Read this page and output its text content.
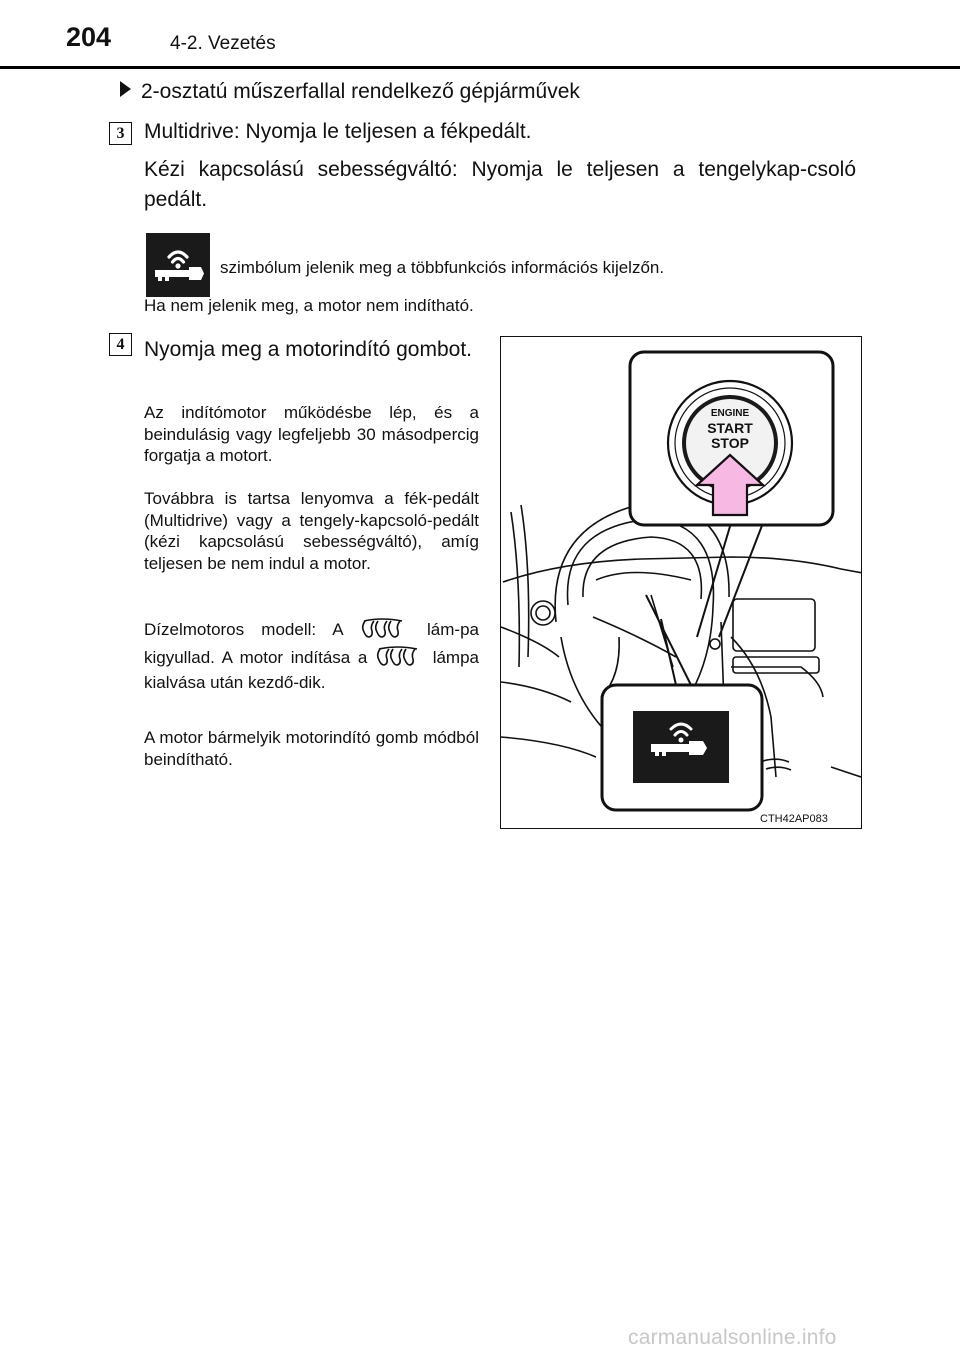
204	4-2. Vezetés
2-osztatú műszerfallal rendelkező gépjárművek
3 Multidrive: Nyomja le teljesen a fékpedált.
Kézi kapcsolású sebességváltó: Nyomja le teljesen a tengelykap-csoló pedált.
szimbólum jelenik meg a többfunkciós információs kijelzőn.
Ha nem jelenik meg, a motor nem indítható.
4 Nyomja meg a motorindító gombot.
Az indítómotor működésbe lép, és a beindulásig vagy legfeljebb 30 másodpercig forgatja a motort.
Továbbra is tartsa lenyomva a fék-pedált (Multidrive) vagy a tengely-kapcsoló-pedált (kézi kapcsolású sebességváltó), amíg teljesen be nem indul a motor.
Dízelmotoros modell: A	lám-pa kigyullad. A motor indítása a	lámpa kialvása után kezdő-dik.
A motor bármelyik motorindító gomb módból beindítható.
ENGINE
START
STOP
CTH42AP083
carmanualsonline.info
